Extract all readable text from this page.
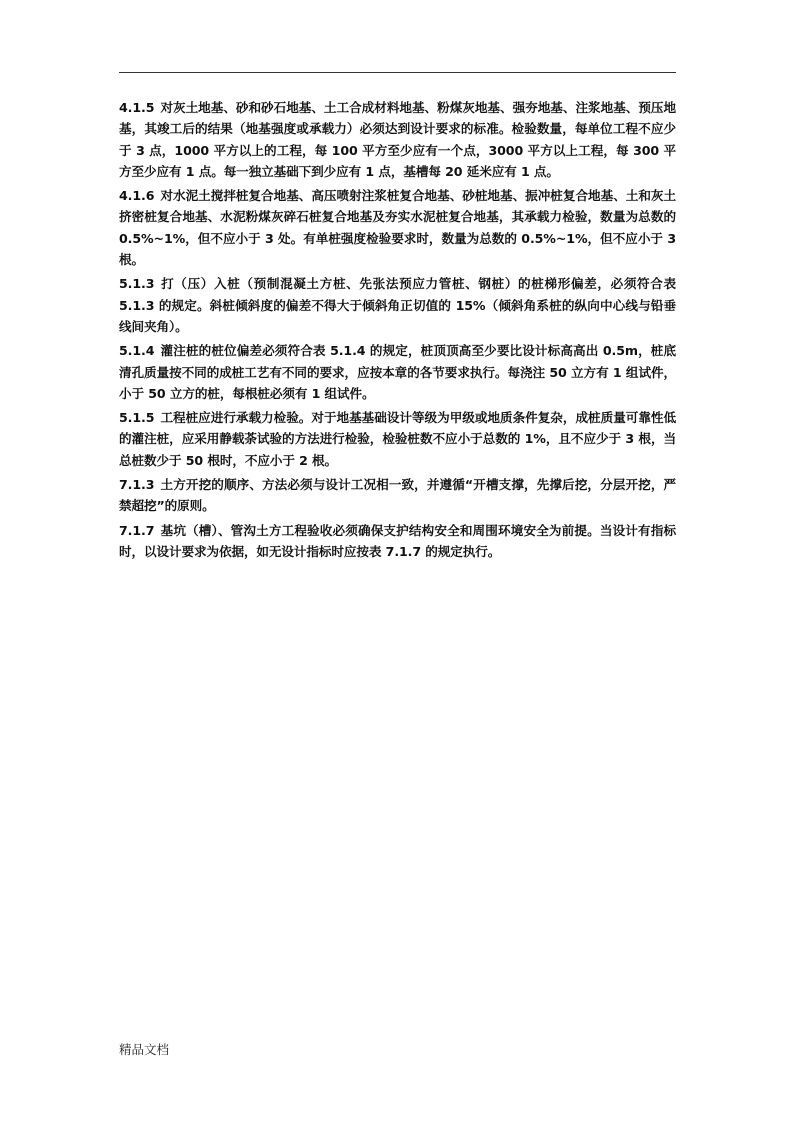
4.1.5 对灰土地基、砂和砂石地基、土工合成材料地基、粉煤灰地基、强夯地基、注浆地基、预压地基，其竣工后的结果（地基强度或承载力）必须达到设计要求的标准。检验数量，每单位工程不应少于 3 点，1000 平方以上的工程，每 100 平方至少应有一个点，3000 平方以上工程，每 300 平方至少应有 1 点。每一独立基础下到少应有 1 点，基槽每 20 延米应有 1 点。

4.1.6 对水泥土搅拌桩复合地基、高压喷射注浆桩复合地基、砂桩地基、振冲桩复合地基、土和灰土挤密桩复合地基、水泥粉煤灰碎石桩复合地基及夯实水泥桩复合地基，其承载力检验，数量为总数的 0.5%~1%，但不应小于 3 处。有单桩强度检验要求时，数量为总数的 0.5%~1%，但不应小于 3 根。

5.1.3 打（压）入桩（预制混凝土方桩、先张法预应力管桩、钢桩）的桩梯形偏差，必须符合表 5.1.3 的规定。斜桩倾斜度的偏差不得大于倾斜角正切值的 15%（倾斜角系桩的纵向中心线与铅垂线间夹角）。

5.1.4 灌注桩的桩位偏差必须符合表 5.1.4 的规定，桩顶顶高至少要比设计标高高出 0.5m，桩底清孔质量按不同的成桩工艺有不同的要求，应按本章的各节要求执行。每浇注 50 立方有 1 组试件，小于 50 立方的桩，每根桩必须有 1 组试件。

5.1.5 工程桩应进行承载力检验。对于地基基础设计等级为甲级或地质条件复杂，成桩质量可靠性低的灌注桩，应采用静载荼试验的方法进行检验，检验桩数不应小于总数的 1%，且不应少于 3 根，当总桩数少于 50 根时，不应小于 2 根。

7.1.3 土方开挖的顺序、方法必须与设计工况相一致，并遵循“开槽支撑，先撑后挖，分层开挖，严禁超挖”的原则。

7.1.7 基坑（槽）、管沟土方工程验收必须确保支护结构安全和周围环境安全为前提。当设计有指标时，以设计要求为依据，如无设计指标时应按表 7.1.7 的规定执行。

精品文档
